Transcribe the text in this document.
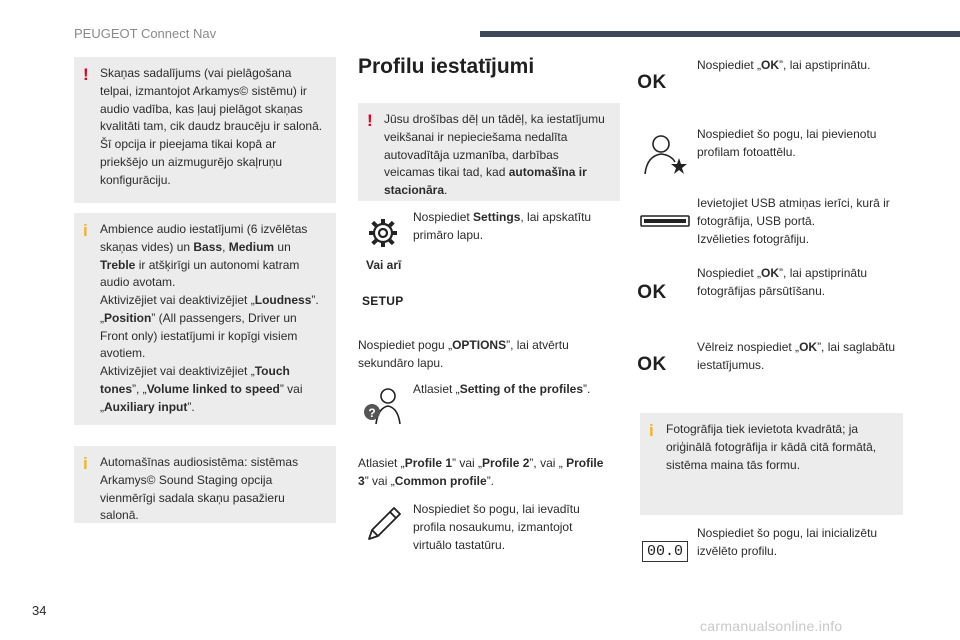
PEUGEOT Connect Nav
! Skaņas sadalījums (vai pielāgošana telpai, izmantojot Arkamys© sistēmu) ir audio vadība, kas ļauj pielāgot skaņas kvalitāti tam, cik daudz braucēju ir salonā. Šī opcija ir pieejama tikai kopā ar priekšējo un aizmugurējo skaļruņu konfigurāciju.

i Ambience audio iestatījumi (6 izvēlētas skaņas vides) un Bass, Medium un Treble ir atšķirīgi un autonomi katram audio avotam.

Aktivizējiet vai deaktivizējiet „Loudness”.

„Position” (All passengers, Driver un Front only) iestatījumi ir kopīgi visiem avotiem.

Aktivizējiet vai deaktivizējiet „Touch tones”, „Volume linked to speed” vai „Auxiliary input”.

i Automašīnas audiosistēma: sistēmas Arkamys© Sound Staging opcija vienmērīgi sadala skaņu pasažieru salonā.

Profilu iestatījumi
! Jūsu drošības dēļ un tādēļ, ka iestatījumu veikšanai ir nepieciešama nedalīta autovadītāja uzmanība, darbības veicamas tikai tad, kad automašīna ir stacionāra.

Nospiediet Settings, lai apskatītu primāro lapu.
Vai arī
SETUP
Nospiediet pogu „OPTIONS”, lai atvērtu sekundāro lapu.
?
Atlasiet „Setting of the profiles”.
Atlasiet „Profile 1” vai „Profile 2”, vai „ Profile 3” vai „Common profile”.
Nospiediet šo pogu, lai ievadītu profila nosaukumu, izmantojot virtuālo tastatūru.
OK
Nospiediet „OK”, lai apstiprinātu.
Nospiediet šo pogu, lai pievienotu profilam fotoattēlu.
Ievietojiet USB atmiņas ierīci, kurā ir fotogrāfija, USB portā.
Izvēlieties fotogrāfiju.
OK
Nospiediet „OK”, lai apstiprinātu fotogrāfijas pārsūtīšanu.
OK
Vēlreiz nospiediet „OK”, lai saglabātu iestatījumus.
i Fotogrāfija tiek ievietota kvadrātā; ja oriģinālā fotogrāfija ir kādā citā formātā, sistēma maina tās formu.

00.0
Nospiediet šo pogu, lai inicializētu izvēlēto profilu.
34
carmanualsonline.info
